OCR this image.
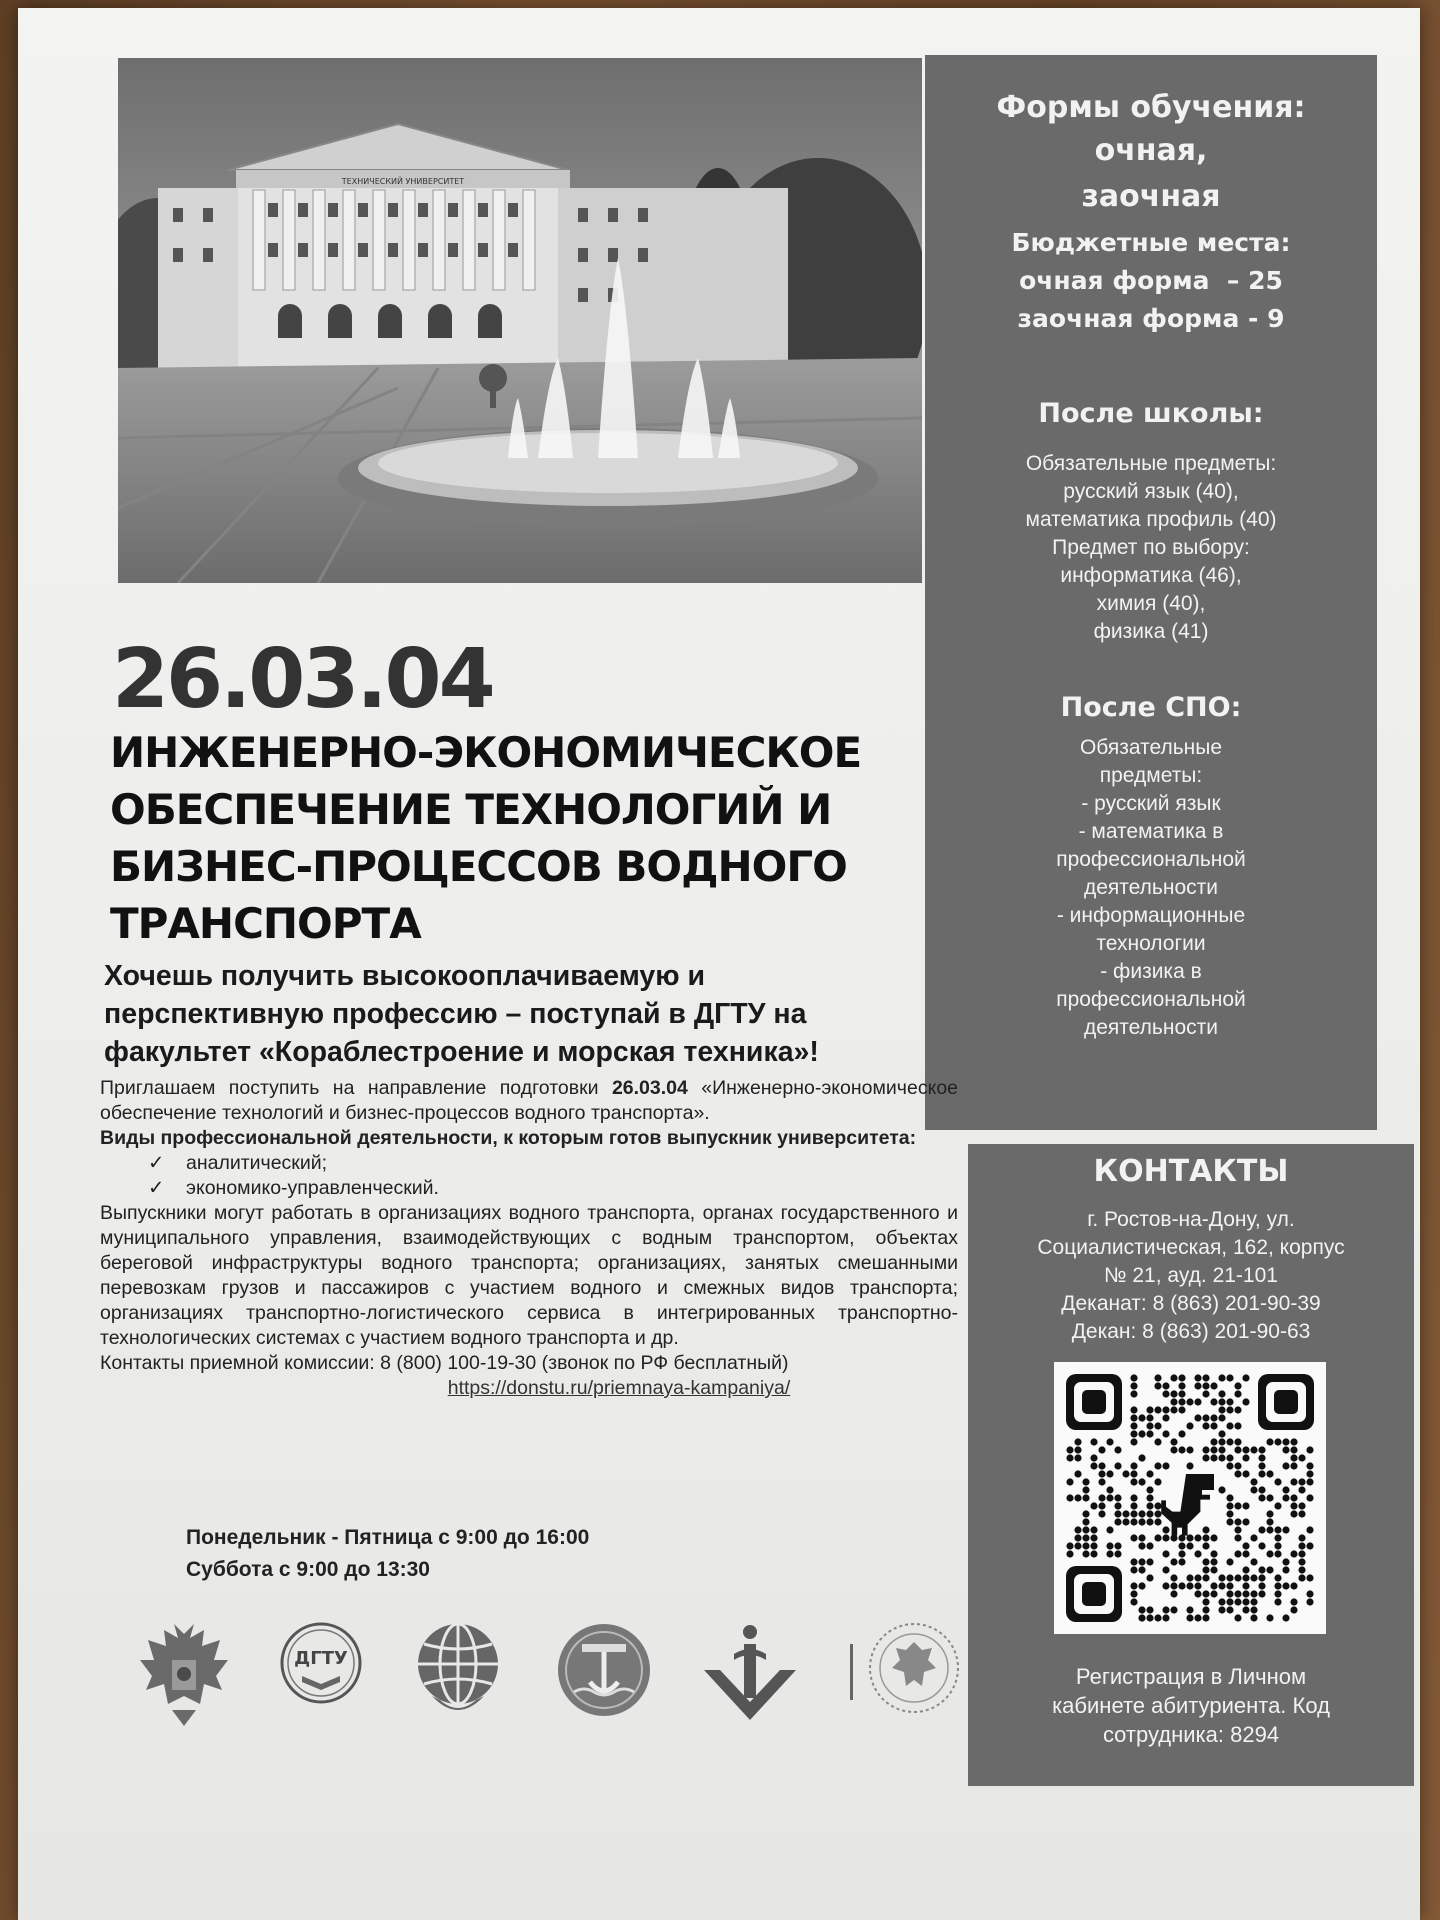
ТЕХНИЧЕСКИЙ УНИВЕРСИТЕТ
Формы обучения:
очная,
заочная
Бюджетные места:
очная форма  – 25
заочная форма - 9
После школы:
Обязательные предметы:
русский язык (40),
математика профиль (40)
Предмет по выбору:
информатика (46),
химия (40),
физика (41)
После СПО:
Обязательные
предметы:
- русский язык
- математика в
профессиональной
деятельности
- информационные
технологии
- физика в
профессиональной
деятельности
КОНТАКТЫ
г. Ростов-на-Дону, ул.
Социалистическая, 162, корпус
№ 21, ауд. 21-101
Деканат: 8 (863) 201-90-39
Декан: 8 (863) 201-90-63
Регистрация в Личном
кабинете абитуриента. Код
сотрудника: 8294
26.03.04
ИНЖЕНЕРНО-ЭКОНОМИЧЕСКОЕ
ОБЕСПЕЧЕНИЕ ТЕХНОЛОГИЙ И
БИЗНЕС-ПРОЦЕССОВ ВОДНОГО
ТРАНСПОРТА
Хочешь получить высокооплачиваемую и
перспективную профессию – поступай в ДГТУ на
факультет «Кораблестроение и морская техника»!

Приглашаем поступить на направление подготовки 26.03.04 «Инженерно-экономическое обеспечение технологий и бизнес-процессов водного транспорта».

Виды профессиональной деятельности, к которым готов выпускник университета:

✓ аналитический;
✓ экономико-управленческий.

Выпускники могут работать в организациях водного транспорта, органах государственного и муниципального управления, взаимодействующих с водным транспортом, объектах береговой инфраструктуры водного транспорта; организациях, занятых смешанными перевозкам грузов и пассажиров с участием водного и смежных видов транспорта; организациях транспортно-логистического сервиса в интегрированных транспортно-технологических системах с участием водного транспорта и др.

Контакты приемной комиссии: 8 (800) 100-19-30 (звонок по РФ бесплатный)

https://donstu.ru/priemnaya-kampaniya/
Понедельник - Пятница с 9:00 до 16:00
Суббота с 9:00 до 13:30
ДГТУ
